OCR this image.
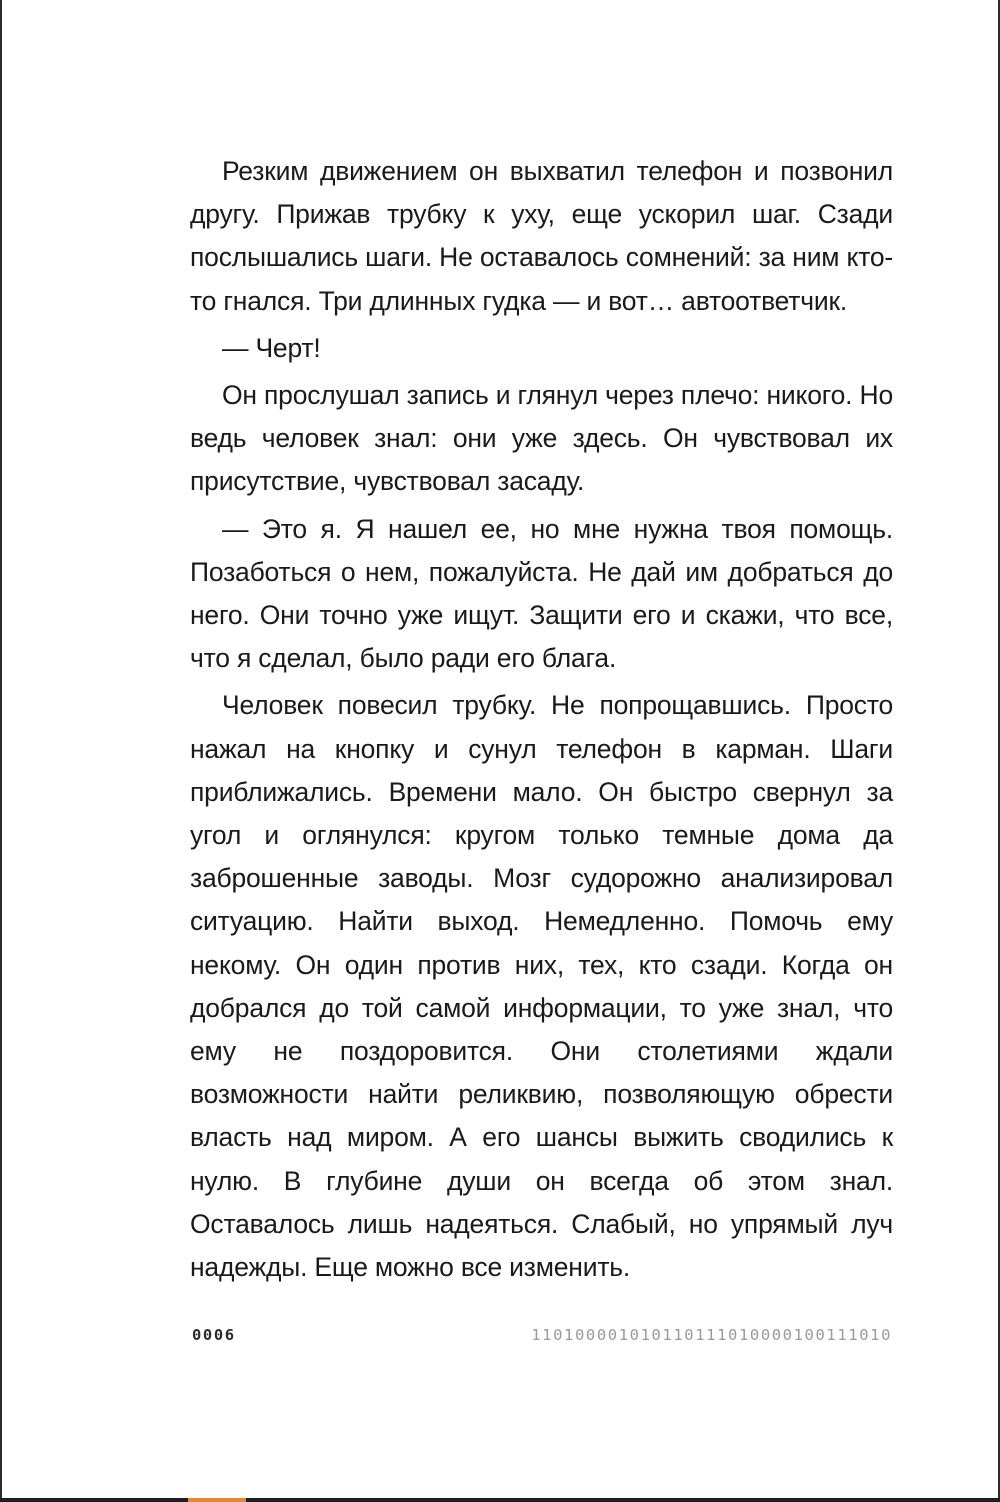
Резким движением он выхватил телефон и позвонил другу. Прижав трубку к уху, еще ускорил шаг. Сзади послышались шаги. Не оставалось сомнений: за ним кто-то гнался. Три длинных гудка — и вот… автоответчик.

— Черт!

Он прослушал запись и глянул через плечо: никого. Но ведь человек знал: они уже здесь. Он чувствовал их присутствие, чувствовал засаду.

— Это я. Я нашел ее, но мне нужна твоя помощь. Позаботься о нем, пожалуйста. Не дай им добраться до него. Они точно уже ищут. Защити его и скажи, что все, что я сделал, было ради его блага.

Человек повесил трубку. Не попрощавшись. Просто нажал на кнопку и сунул телефон в карман. Шаги приближались. Времени мало. Он быстро свернул за угол и оглянулся: кругом только темные дома да заброшенные заводы. Мозг судорожно анализировал ситуацию. Найти выход. Немедленно. Помочь ему некому. Он один против них, тех, кто сзади. Когда он добрался до той самой информации, то уже знал, что ему не поздоровится. Они столетиями ждали возможности найти реликвию, позволяющую обрести власть над миром. А его шансы выжить сводились к нулю. В глубине души он всегда об этом знал. Оставалось лишь надеяться. Слабый, но упрямый луч надежды. Еще можно все изменить.

0006	110100001010110111010000100111010
